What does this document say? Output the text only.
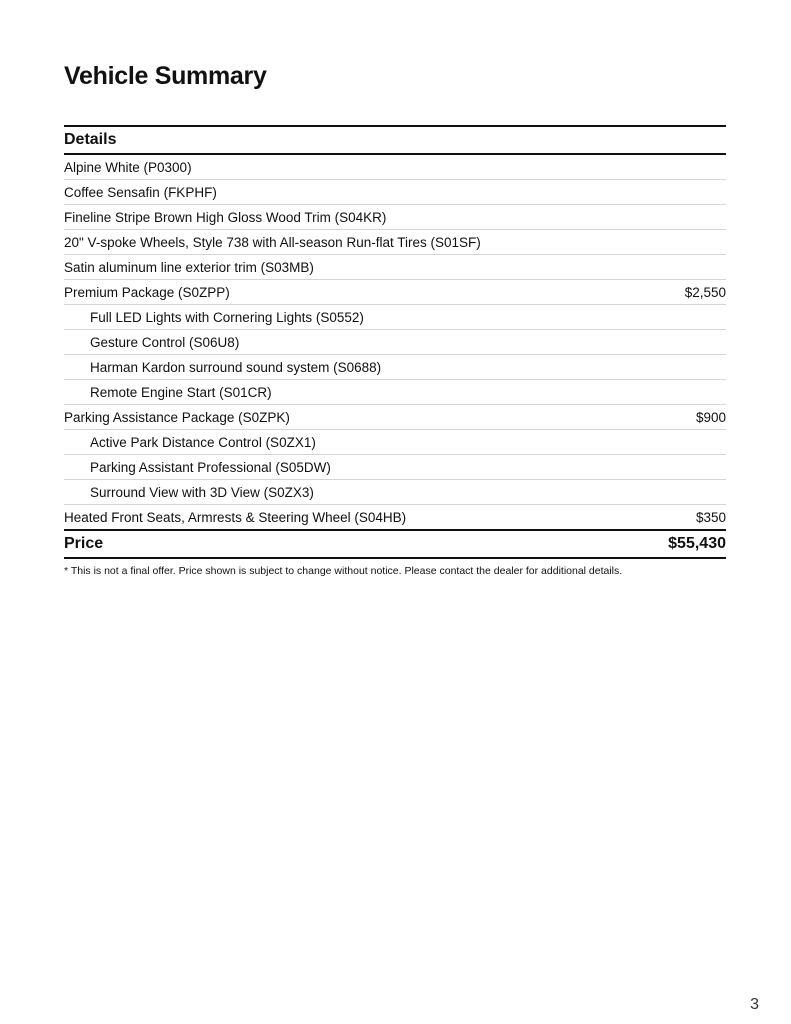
Vehicle Summary
Details
Alpine White (P0300)
Coffee Sensafin (FKPHF)
Fineline Stripe Brown High Gloss Wood Trim (S04KR)
20" V-spoke Wheels, Style 738 with All-season Run-flat Tires (S01SF)
Satin aluminum line exterior trim (S03MB)
Premium Package (S0ZPP)	$2,550
Full LED Lights with Cornering Lights (S0552)
Gesture Control (S06U8)
Harman Kardon surround sound system (S0688)
Remote Engine Start (S01CR)
Parking Assistance Package (S0ZPK)	$900
Active Park Distance Control (S0ZX1)
Parking Assistant Professional (S05DW)
Surround View with 3D View (S0ZX3)
Heated Front Seats, Armrests & Steering Wheel (S04HB)	$350
Price	$55,430
* This is not a final offer. Price shown is subject to change without notice. Please contact the dealer for additional details.
3
